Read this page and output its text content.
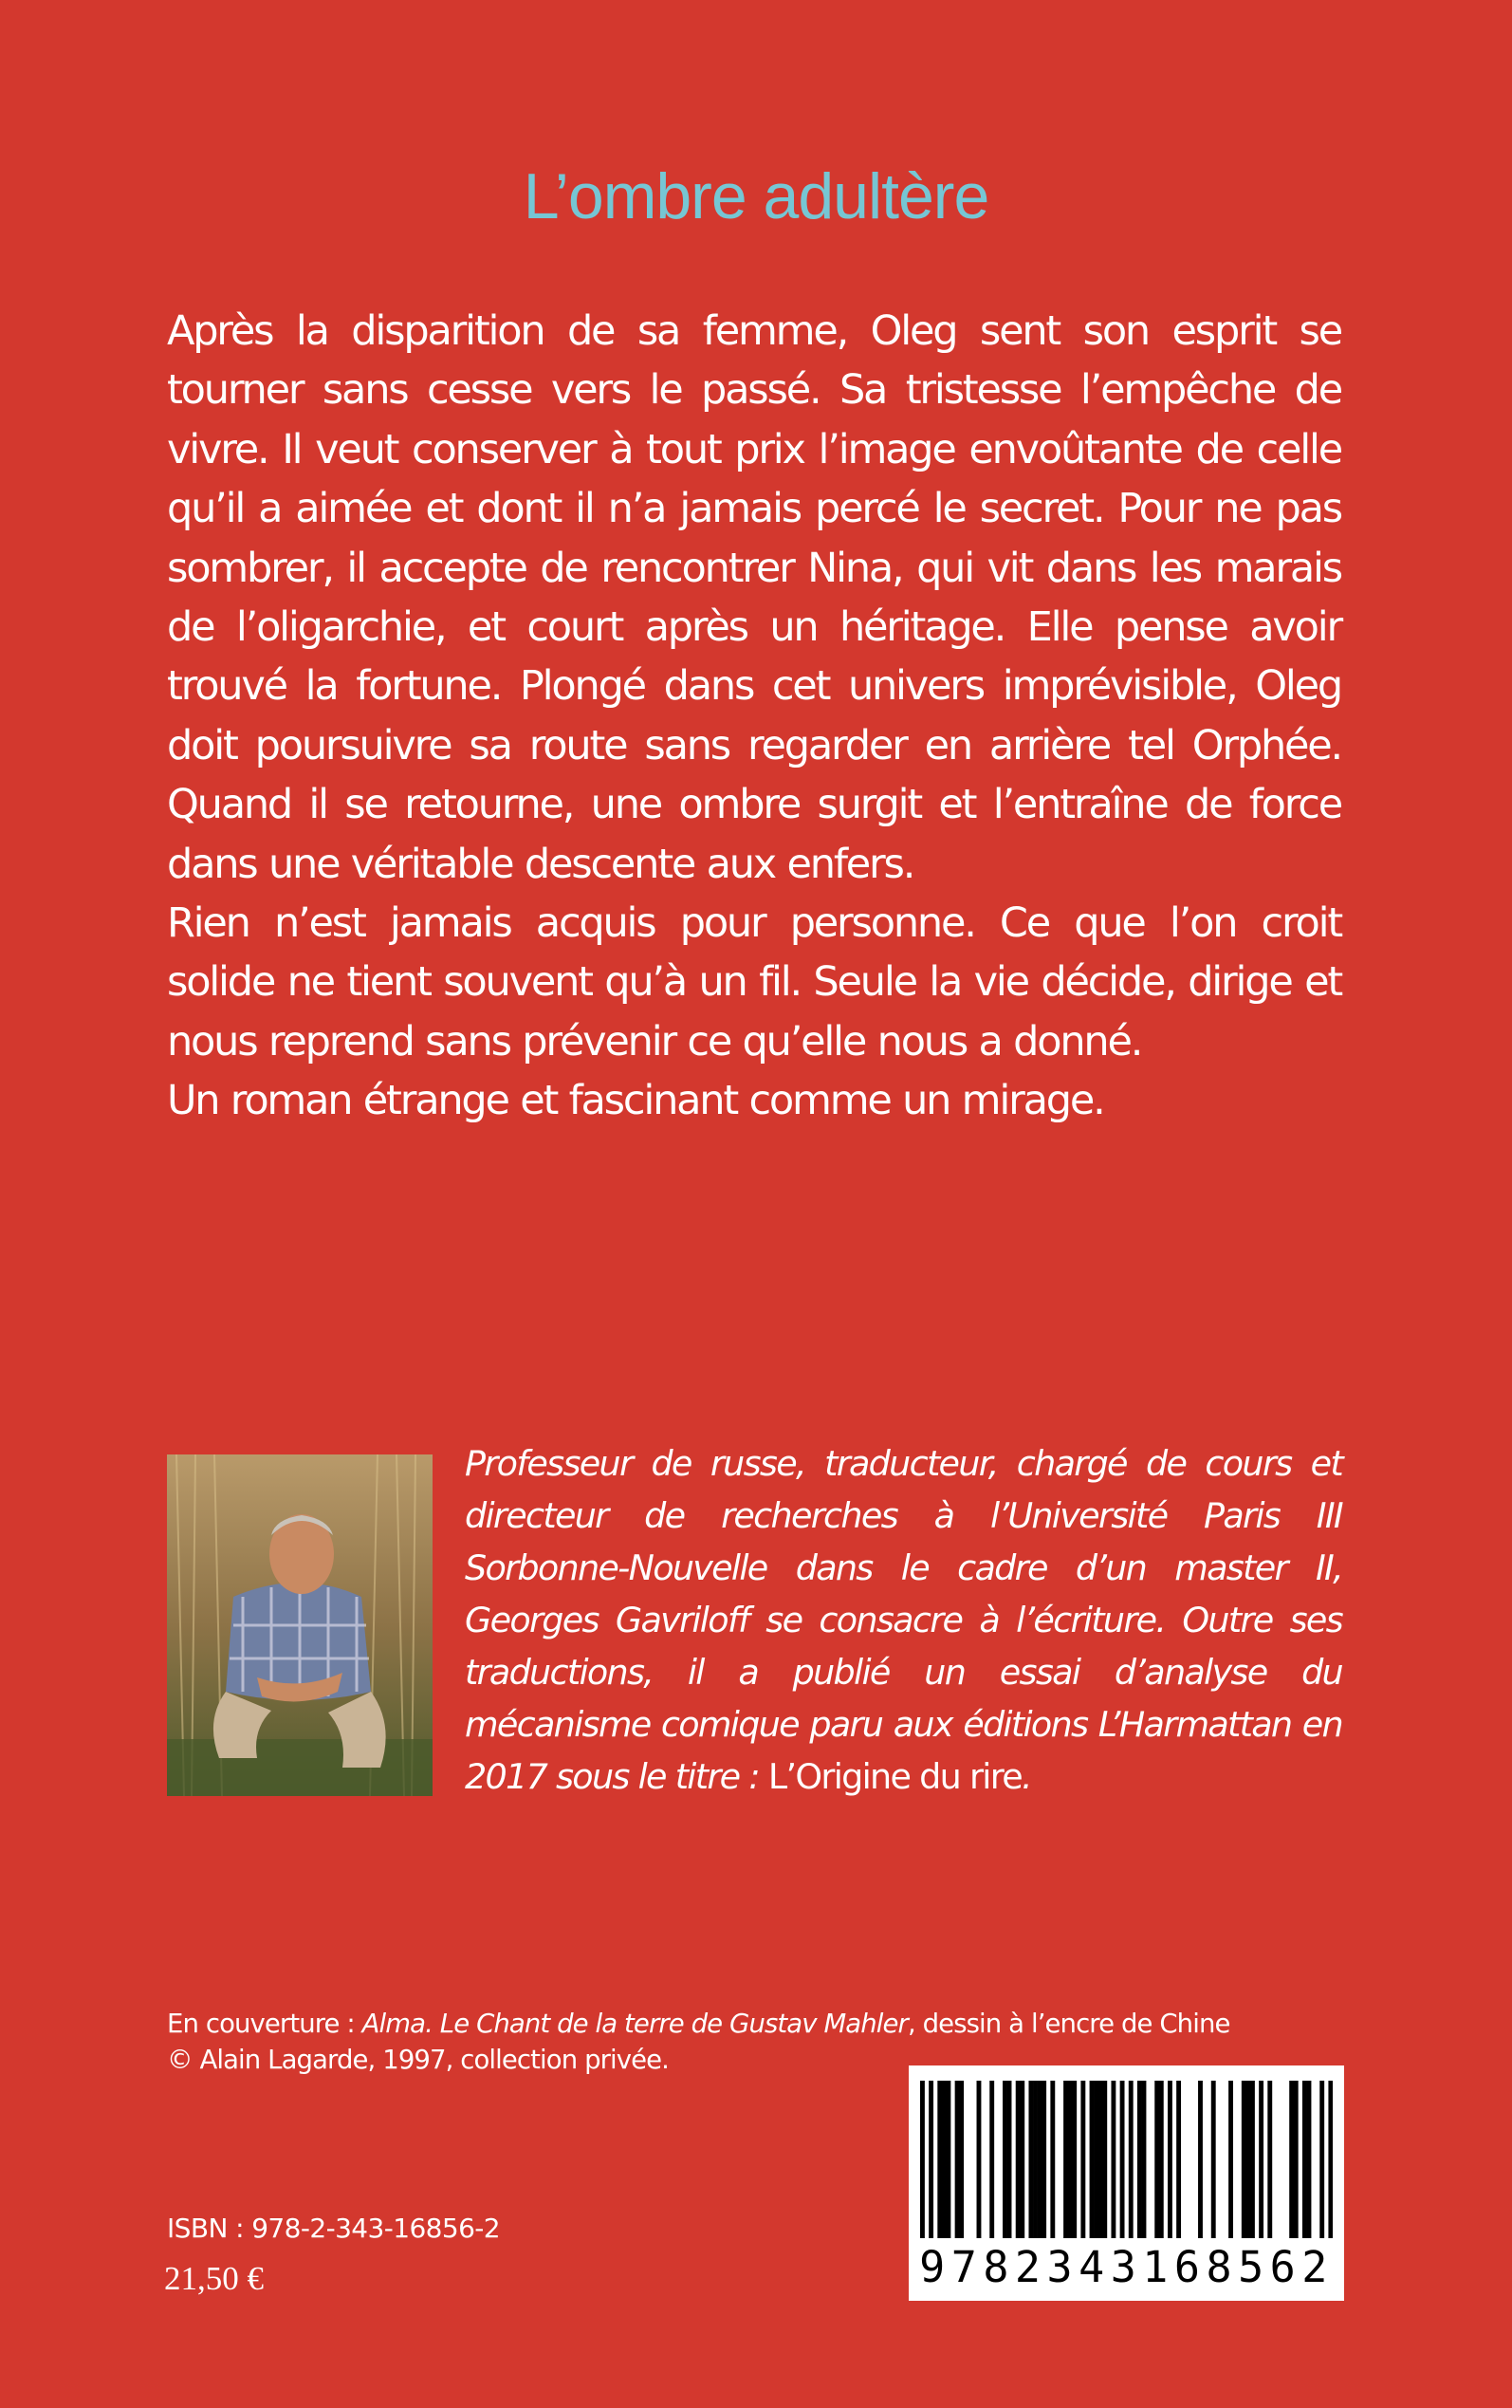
L’ombre adultère

Après la disparition de sa femme, Oleg sent son esprit se tourner sans cesse vers le passé. Sa tristesse l’empêche de vivre. Il veut conserver à tout prix l’image envoûtante de celle qu’il a aimée et dont il n’a jamais percé le secret. Pour ne pas sombrer, il accepte de rencontrer Nina, qui vit dans les marais de l’oligarchie, et court après un héritage. Elle pense avoir trouvé la fortune. Plongé dans cet univers imprévisible, Oleg doit poursuivre sa route sans regarder en arrière tel Orphée. Quand il se retourne, une ombre surgit et l’entraîne de force dans une véritable descente aux enfers.

Rien n’est jamais acquis pour personne. Ce que l’on croit solide ne tient souvent qu’à un fil. Seule la vie décide, dirige et nous reprend sans prévenir ce qu’elle nous a donné.

Un roman étrange et fascinant comme un mirage.

Professeur de russe, traducteur, chargé de cours et directeur de recherches à l’Université Paris III Sorbonne-Nouvelle dans le cadre d’un master II, Georges Gavriloff se consacre à l’écriture. Outre ses traductions, il a publié un essai d’analyse du mécanisme comique paru aux éditions L’Harmattan en 2017 sous le titre : L’Origine du rire.

En couverture : Alma. Le Chant de la terre de Gustav Mahler, dessin à l’encre de Chine
© Alain Lagarde, 1997, collection privée.
ISBN : 978-2-343-16856-2
21,50 €	9782343168562
